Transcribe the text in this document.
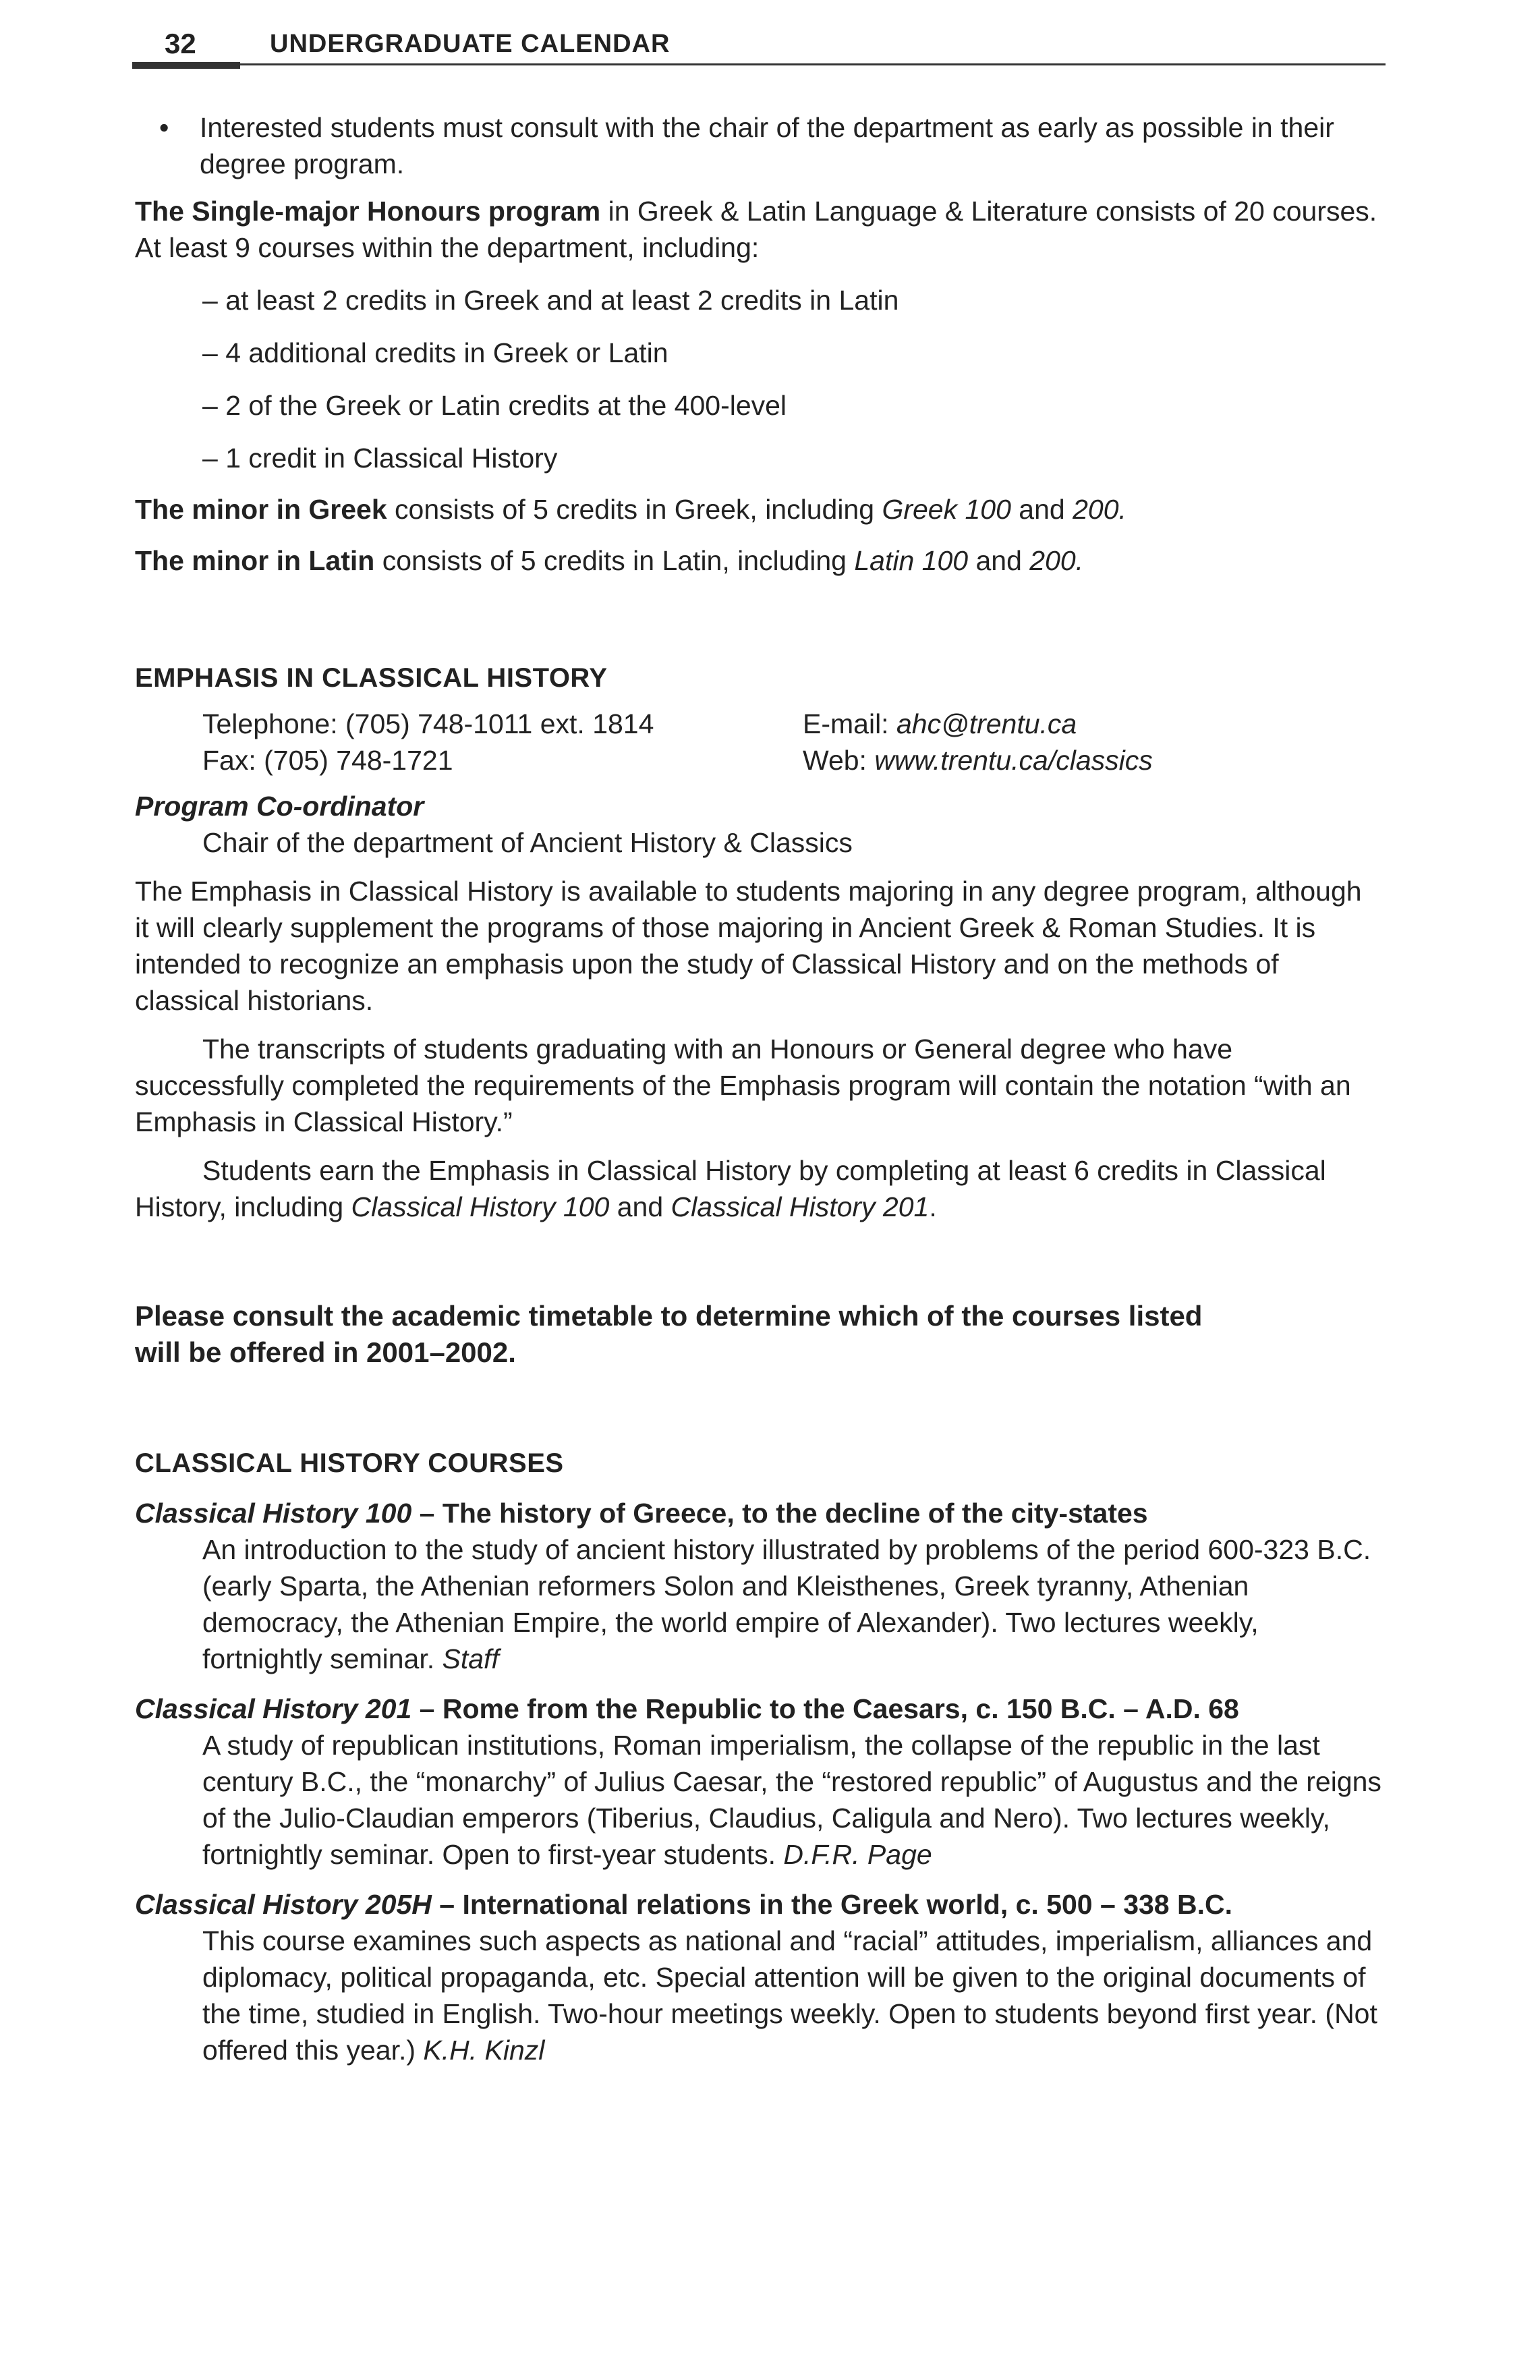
32	UNDERGRADUATE CALENDAR

• Interested students must consult with the chair of the department as early as possible in their degree program.

The Single-major Honours program in Greek & Latin Language & Literature consists of 20 courses. At least 9 courses within the department, including:

– at least 2 credits in Greek and at least 2 credits in Latin

– 4 additional credits in Greek or Latin

– 2 of the Greek or Latin credits at the 400-level

– 1 credit in Classical History

The minor in Greek consists of 5 credits in Greek, including Greek 100 and 200.

The minor in Latin consists of 5 credits in Latin, including Latin 100 and 200.

EMPHASIS IN CLASSICAL HISTORY

Telephone: (705) 748-1011 ext. 1814	E-mail: ahc@trentu.ca
Fax: (705) 748-1721	Web: www.trentu.ca/classics

Program Co-ordinator

Chair of the department of Ancient History & Classics

The Emphasis in Classical History is available to students majoring in any degree program, although it will clearly supplement the programs of those majoring in Ancient Greek & Roman Studies. It is intended to recognize an emphasis upon the study of Classical History and on the methods of classical historians.

The transcripts of students graduating with an Honours or General degree who have successfully completed the requirements of the Emphasis program will contain the notation “with an Emphasis in Classical History.”

Students earn the Emphasis in Classical History by completing at least 6 credits in Classical History, including Classical History 100 and Classical History 201.

Please consult the academic timetable to determine which of the courses listed

will be offered in 2001–2002.

CLASSICAL HISTORY COURSES

Classical History 100 – The history of Greece, to the decline of the city-states

An introduction to the study of ancient history illustrated by problems of the period 600-323 B.C. (early Sparta, the Athenian reformers Solon and Kleisthenes, Greek tyranny, Athenian democracy, the Athenian Empire, the world empire of Alexander). Two lectures weekly, fortnightly seminar. Staff

Classical History 201 – Rome from the Republic to the Caesars, c. 150 B.C. – A.D. 68

A study of republican institutions, Roman imperialism, the collapse of the republic in the last century B.C., the “monarchy” of Julius Caesar, the “restored republic” of Augustus and the reigns of the Julio-Claudian emperors (Tiberius, Claudius, Caligula and Nero). Two lectures weekly, fortnightly seminar. Open to first-year students. D.F.R. Page

Classical History 205H – International relations in the Greek world, c. 500 – 338 B.C.

This course examines such aspects as national and “racial” attitudes, imperialism, alliances and diplomacy, political propaganda, etc. Special attention will be given to the original documents of the time, studied in English. Two-hour meetings weekly. Open to students beyond first year. (Not offered this year.) K.H. Kinzl
